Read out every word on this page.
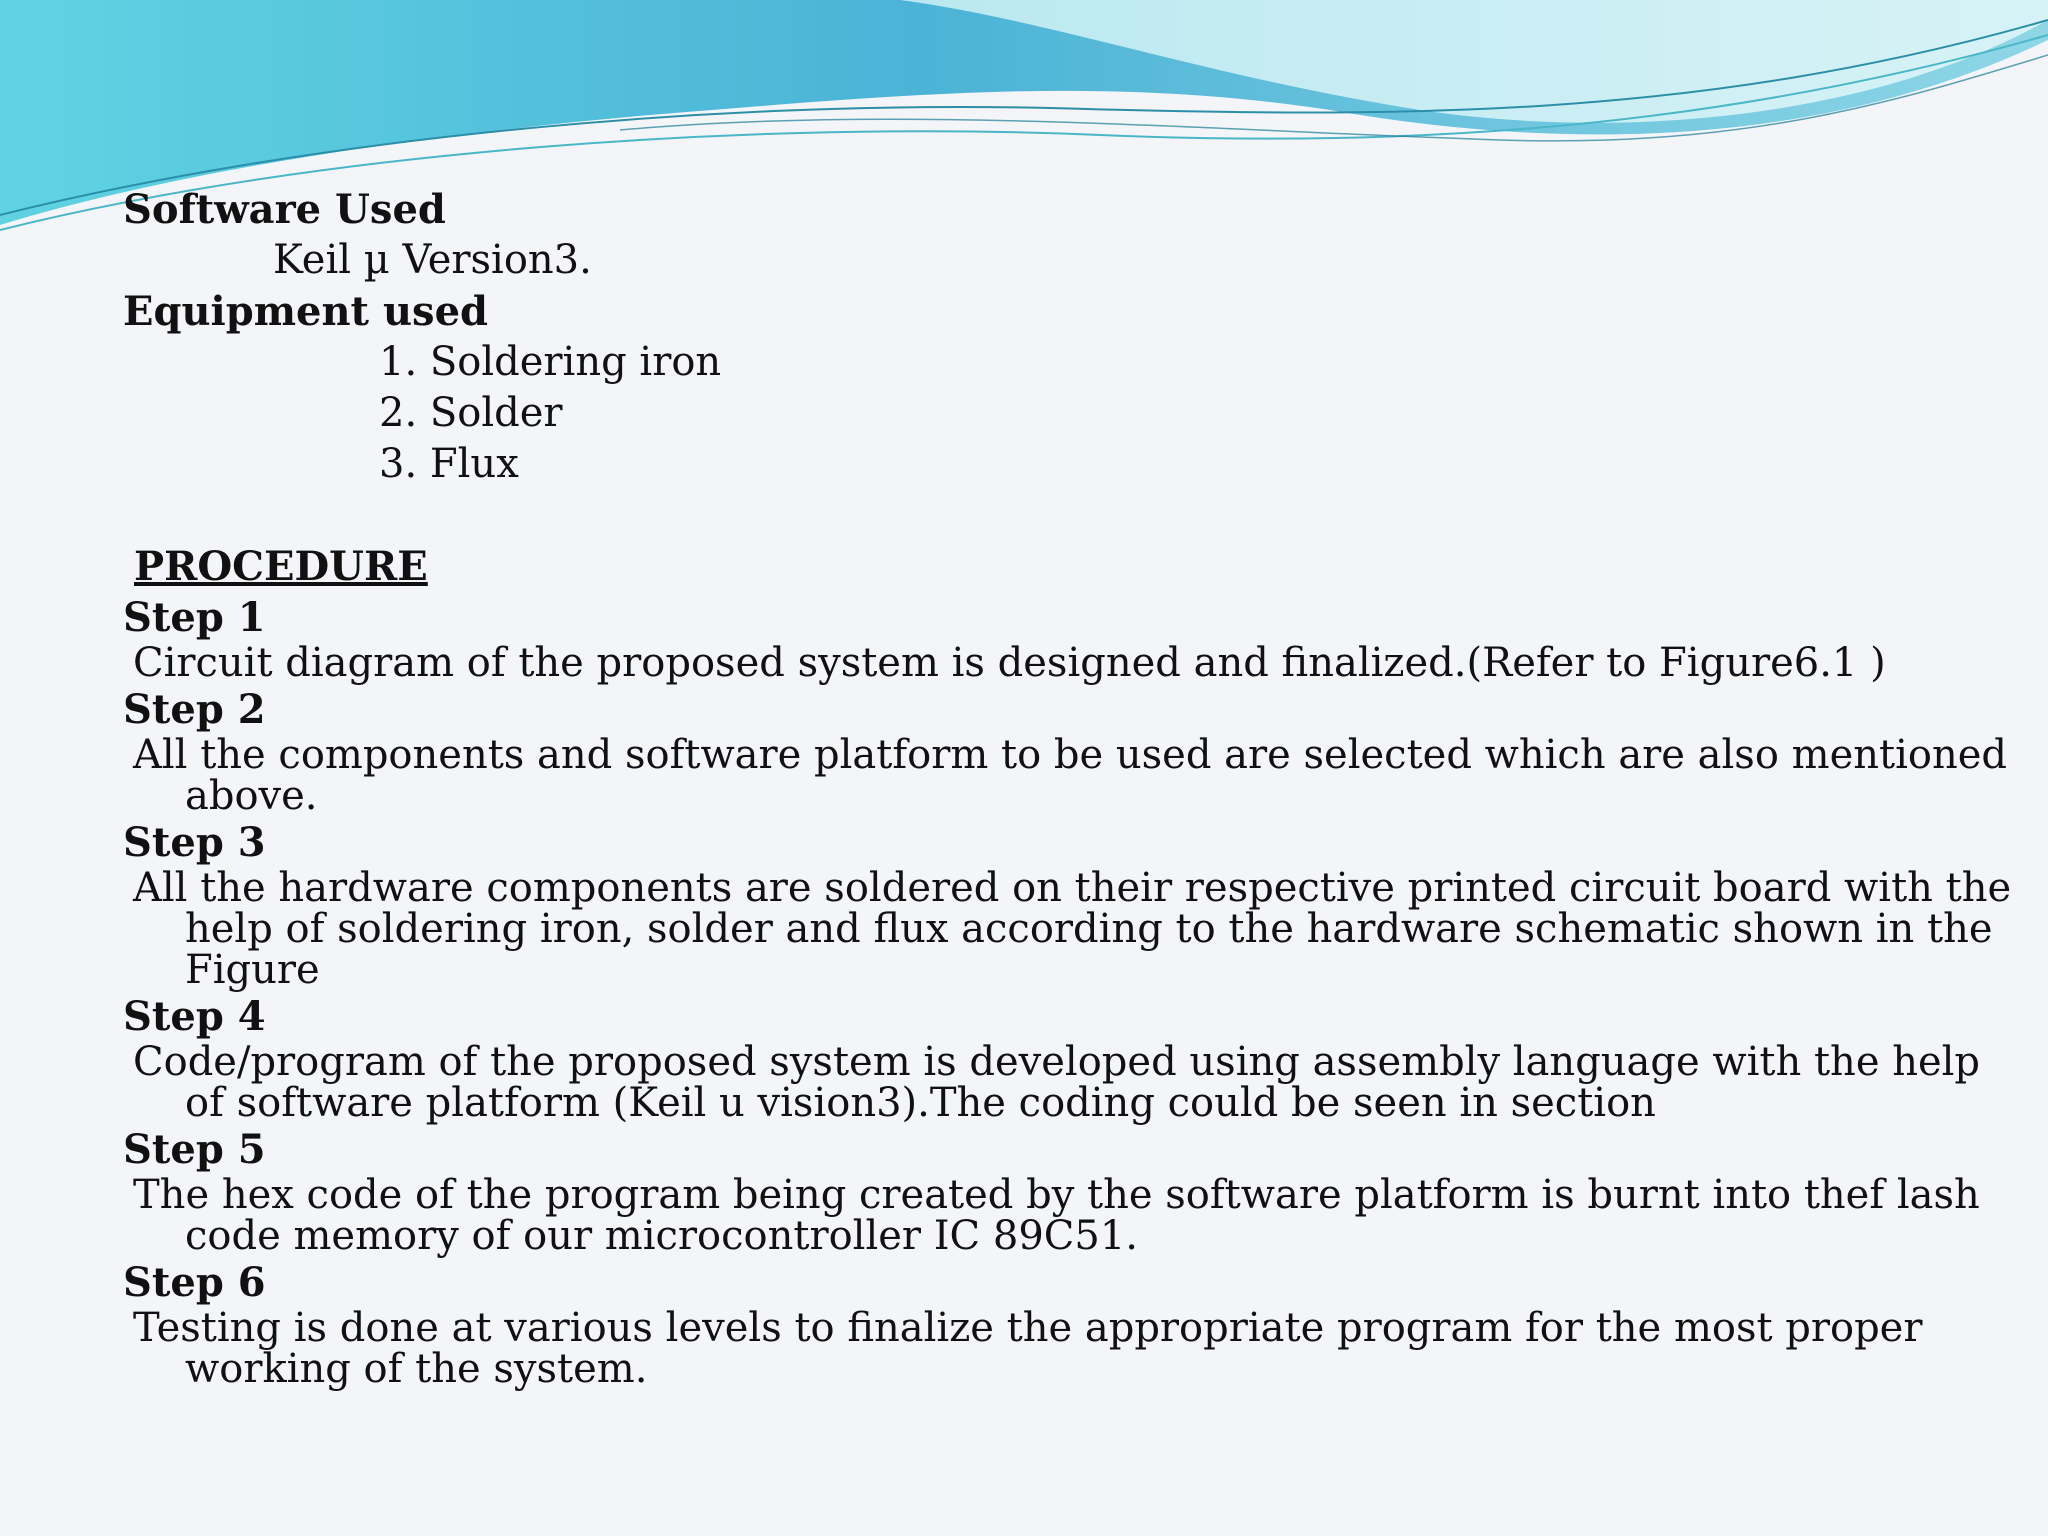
Software Used

Keil µ Version3.

Equipment used

1. Soldering iron

2. Solder

3. Flux

PROCEDURE

Step 1

Circuit diagram of the proposed system is designed and finalized.(Refer to Figure6.1 )

Step 2

All the components and software platform to be used are selected which are also mentioned above.

Step 3

All the hardware components are soldered on their respective printed circuit board with the help of soldering iron, solder and flux according to the hardware schematic shown in the Figure

Step 4

Code/program of the proposed system is developed using assembly language with the help of software platform (Keil u vision3).The coding could be seen in section

Step 5

The hex code of the program being created by the software platform is burnt into thef lash code memory of our microcontroller IC 89C51.

Step 6

Testing is done at various levels to finalize the appropriate program for the most proper working of the system.
